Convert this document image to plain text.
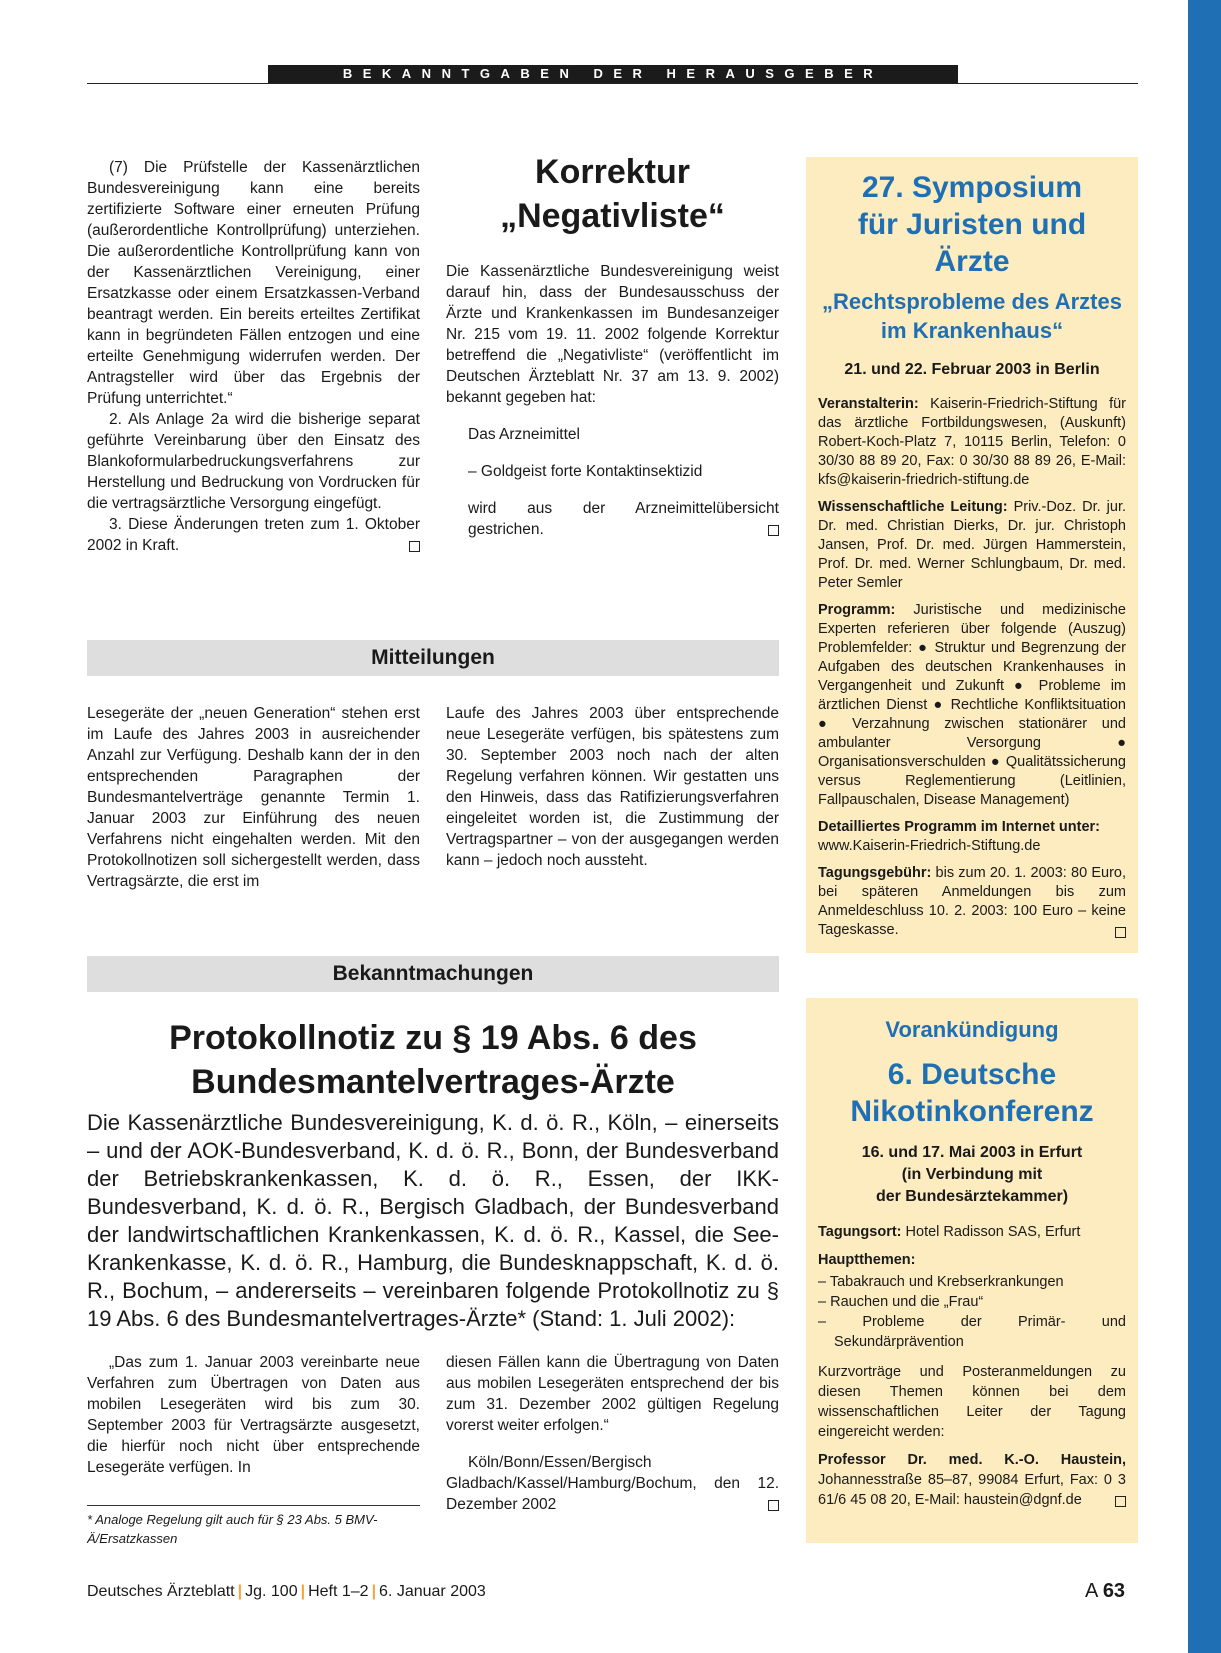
BEKANNTGABEN DER HERAUSGEBER

(7) Die Prüfstelle der Kassenärztlichen Bundesvereinigung kann eine bereits zertifizierte Software einer erneuten Prüfung (außerordentliche Kontrollprüfung) unterziehen. Die außerordentliche Kontrollprüfung kann von der Kassenärztlichen Vereinigung, einer Ersatzkasse oder einem Ersatzkassen-Verband beantragt werden. Ein bereits erteiltes Zertifikat kann in begründeten Fällen entzogen und eine erteilte Genehmigung widerrufen werden. Der Antragsteller wird über das Ergebnis der Prüfung unterrichtet.“

2. Als Anlage 2a wird die bisherige separat geführte Vereinbarung über den Einsatz des Blankoformularbedruckungsverfahrens zur Herstellung und Bedruckung von Vordrucken für die vertragsärztliche Versorgung eingefügt.

3. Diese Änderungen treten zum 1. Oktober 2002 in Kraft.

Korrektur
„Negativliste“

Die Kassenärztliche Bundesvereinigung weist darauf hin, dass der Bundesausschuss der Ärzte und Krankenkassen im Bundesanzeiger Nr. 215 vom 19. 11. 2002 folgende Korrektur betreffend die „Negativliste“ (veröffentlicht im Deutschen Ärzteblatt Nr. 37 am 13. 9. 2002) bekannt gegeben hat:

Das Arzneimittel

– Goldgeist forte Kontaktinsektizid

wird aus der Arzneimittelübersicht gestrichen.

Mitteilungen

Lesegeräte der „neuen Generation“ stehen erst im Laufe des Jahres 2003 in ausreichender Anzahl zur Verfügung. Deshalb kann der in den entsprechenden Paragraphen der Bundesmantelverträge genannte Termin 1. Januar 2003 zur Einführung des neuen Verfahrens nicht eingehalten werden. Mit den Protokollnotizen soll sichergestellt werden, dass Vertragsärzte, die erst im

Laufe des Jahres 2003 über entsprechende neue Lesegeräte verfügen, bis spätestens zum 30. September 2003 noch nach der alten Regelung verfahren können. Wir gestatten uns den Hinweis, dass das Ratifizierungsverfahren eingeleitet worden ist, die Zustimmung der Vertragspartner – von der ausgegangen werden kann – jedoch noch aussteht.

Bekanntmachungen
Protokollnotiz zu § 19 Abs. 6 des
Bundesmantelvertrages-Ärzte
Die Kassenärztliche Bundesvereinigung, K. d. ö. R., Köln, – einerseits – und der AOK-Bundesverband, K. d. ö. R., Bonn, der Bundesverband der Betriebskrankenkassen, K. d. ö. R., Essen, der IKK-Bundesverband, K. d. ö. R., Bergisch Gladbach, der Bundesverband der landwirtschaftlichen Krankenkassen, K. d. ö. R., Kassel, die See-Krankenkasse, K. d. ö. R., Hamburg, die Bundesknappschaft, K. d. ö. R., Bochum, – andererseits – vereinbaren folgende Protokollnotiz zu § 19 Abs. 6 des Bundesmantelvertrages-Ärzte* (Stand: 1. Juli 2002):

„Das zum 1. Januar 2003 vereinbarte neue Verfahren zum Übertragen von Daten aus mobilen Lesegeräten wird bis zum 30. September 2003 für Vertragsärzte ausgesetzt, die hierfür noch nicht über entsprechende Lesegeräte verfügen. In

diesen Fällen kann die Übertragung von Daten aus mobilen Lesegeräten entsprechend der bis zum 31. Dezember 2002 gültigen Regelung vorerst weiter erfolgen.“

Köln/Bonn/Essen/Bergisch Gladbach/Kassel/Hamburg/Bochum, den 12. Dezember 2002

* Analoge Regelung gilt auch für § 23 Abs. 5 BMV-Ä/Ersatzkassen
27. Symposium
für Juristen und Ärzte
„Rechtsprobleme des Arztes
im Krankenhaus“
21. und 22. Februar 2003 in Berlin

Veranstalterin: Kaiserin-Friedrich-Stiftung für das ärztliche Fortbildungswesen, (Auskunft) Robert-Koch-Platz 7, 10115 Berlin, Telefon: 0 30/30 88 89 20, Fax: 0 30/30 88 89 26, E-Mail: kfs@kaiserin-friedrich-stiftung.de

Wissenschaftliche Leitung: Priv.-Doz. Dr. jur. Dr. med. Christian Dierks, Dr. jur. Christoph Jansen, Prof. Dr. med. Jürgen Hammerstein, Prof. Dr. med. Werner Schlungbaum, Dr. med. Peter Semler

Programm: Juristische und medizinische Experten referieren über folgende (Auszug) Problemfelder: ● Struktur und Begrenzung der Aufgaben des deutschen Krankenhauses in Vergangenheit und Zukunft ● Probleme im ärztlichen Dienst ● Rechtliche Konfliktsituation ● Verzahnung zwischen stationärer und ambulanter Versorgung ● Organisationsverschulden ● Qualitätssicherung versus Reglementierung (Leitlinien, Fallpauschalen, Disease Management)

Detailliertes Programm im Internet unter:
www.Kaiserin-Friedrich-Stiftung.de

Tagungsgebühr: bis zum 20. 1. 2003: 80 Euro, bei späteren Anmeldungen bis zum Anmeldeschluss 10. 2. 2003: 100 Euro – keine Tageskasse.

Vorankündigung
6. Deutsche
Nikotinkonferenz
16. und 17. Mai 2003 in Erfurt
(in Verbindung mit
der Bundesärztekammer)

Tagungsort: Hotel Radisson SAS, Erfurt

Hauptthemen:

– Tabakrauch und Krebserkrankungen
– Rauchen und die „Frau“
– Probleme der Primär- und Sekundärprävention

Kurzvorträge und Posteranmeldungen zu diesen Themen können bei dem wissenschaftlichen Leiter der Tagung eingereicht werden:

Professor Dr. med. K.-O. Haustein, Johannesstraße 85–87, 99084 Erfurt, Fax: 0 3 61/6 45 08 20, E-Mail: haustein@dgnf.de

Deutsches Ärzteblatt | Jg. 100 | Heft 1–2 | 6. Januar 2003	A 63
